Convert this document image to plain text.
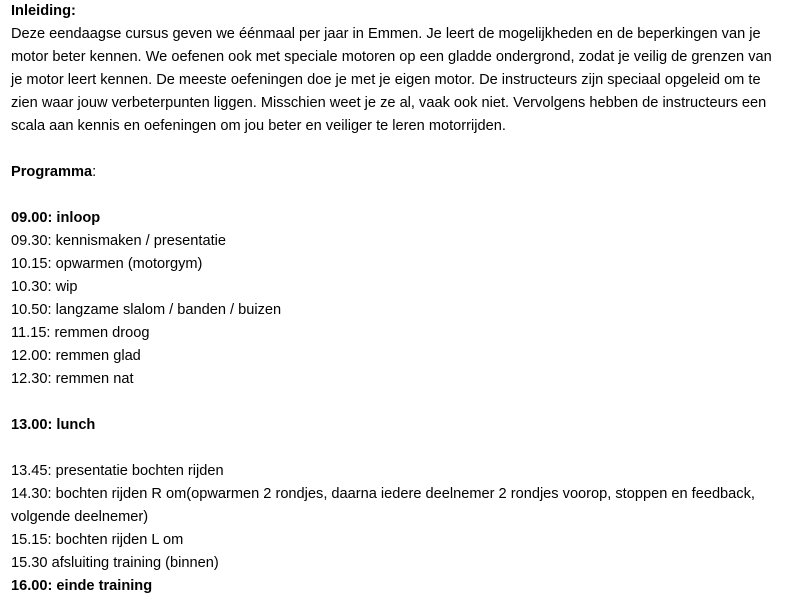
Inleiding:
Deze eendaagse cursus geven we éénmaal per jaar in Emmen. Je leert de mogelijkheden en de beperkingen van je
motor beter kennen. We oefenen ook met speciale motoren op een gladde ondergrond, zodat je veilig de grenzen van
je motor leert kennen. De meeste oefeningen doe je met je eigen motor. De instructeurs zijn speciaal opgeleid om te
zien waar jouw verbeterpunten liggen. Misschien weet je ze al, vaak ook niet. Vervolgens hebben de instructeurs een
scala aan kennis en oefeningen om jou beter en veiliger te leren motorrijden.
Programma:
09.00: inloop
09.30: kennismaken / presentatie
10.15: opwarmen (motorgym)
10.30: wip
10.50: langzame slalom / banden / buizen
11.15: remmen droog
12.00: remmen glad
12.30: remmen nat
13.00: lunch
13.45: presentatie bochten rijden
14.30: bochten rijden R om(opwarmen 2 rondjes, daarna iedere deelnemer 2 rondjes voorop, stoppen en feedback,
volgende deelnemer)
15.15: bochten rijden L om
15.30 afsluiting training (binnen)
16.00: einde training
